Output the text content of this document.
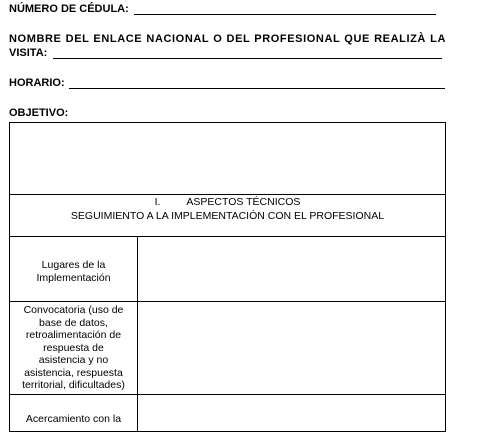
NÚMERO DE CÉDULA:
NOMBRE DEL ENLACE NACIONAL O DEL PROFESIONAL QUE REALIZÀ LA
VISITA:
HORARIO:
OBJETIVO:
I. ASPECTOS TÉCNICOS
SEGUIMIENTO A LA IMPLEMENTACIÓN CON EL PROFESIONAL
Lugares de la
Implementación
Convocatoria (uso de
base de datos,
retroalimentación de
respuesta de
asistencia y no
asistencia, respuesta
territorial, dificultades)
Acercamiento con la
